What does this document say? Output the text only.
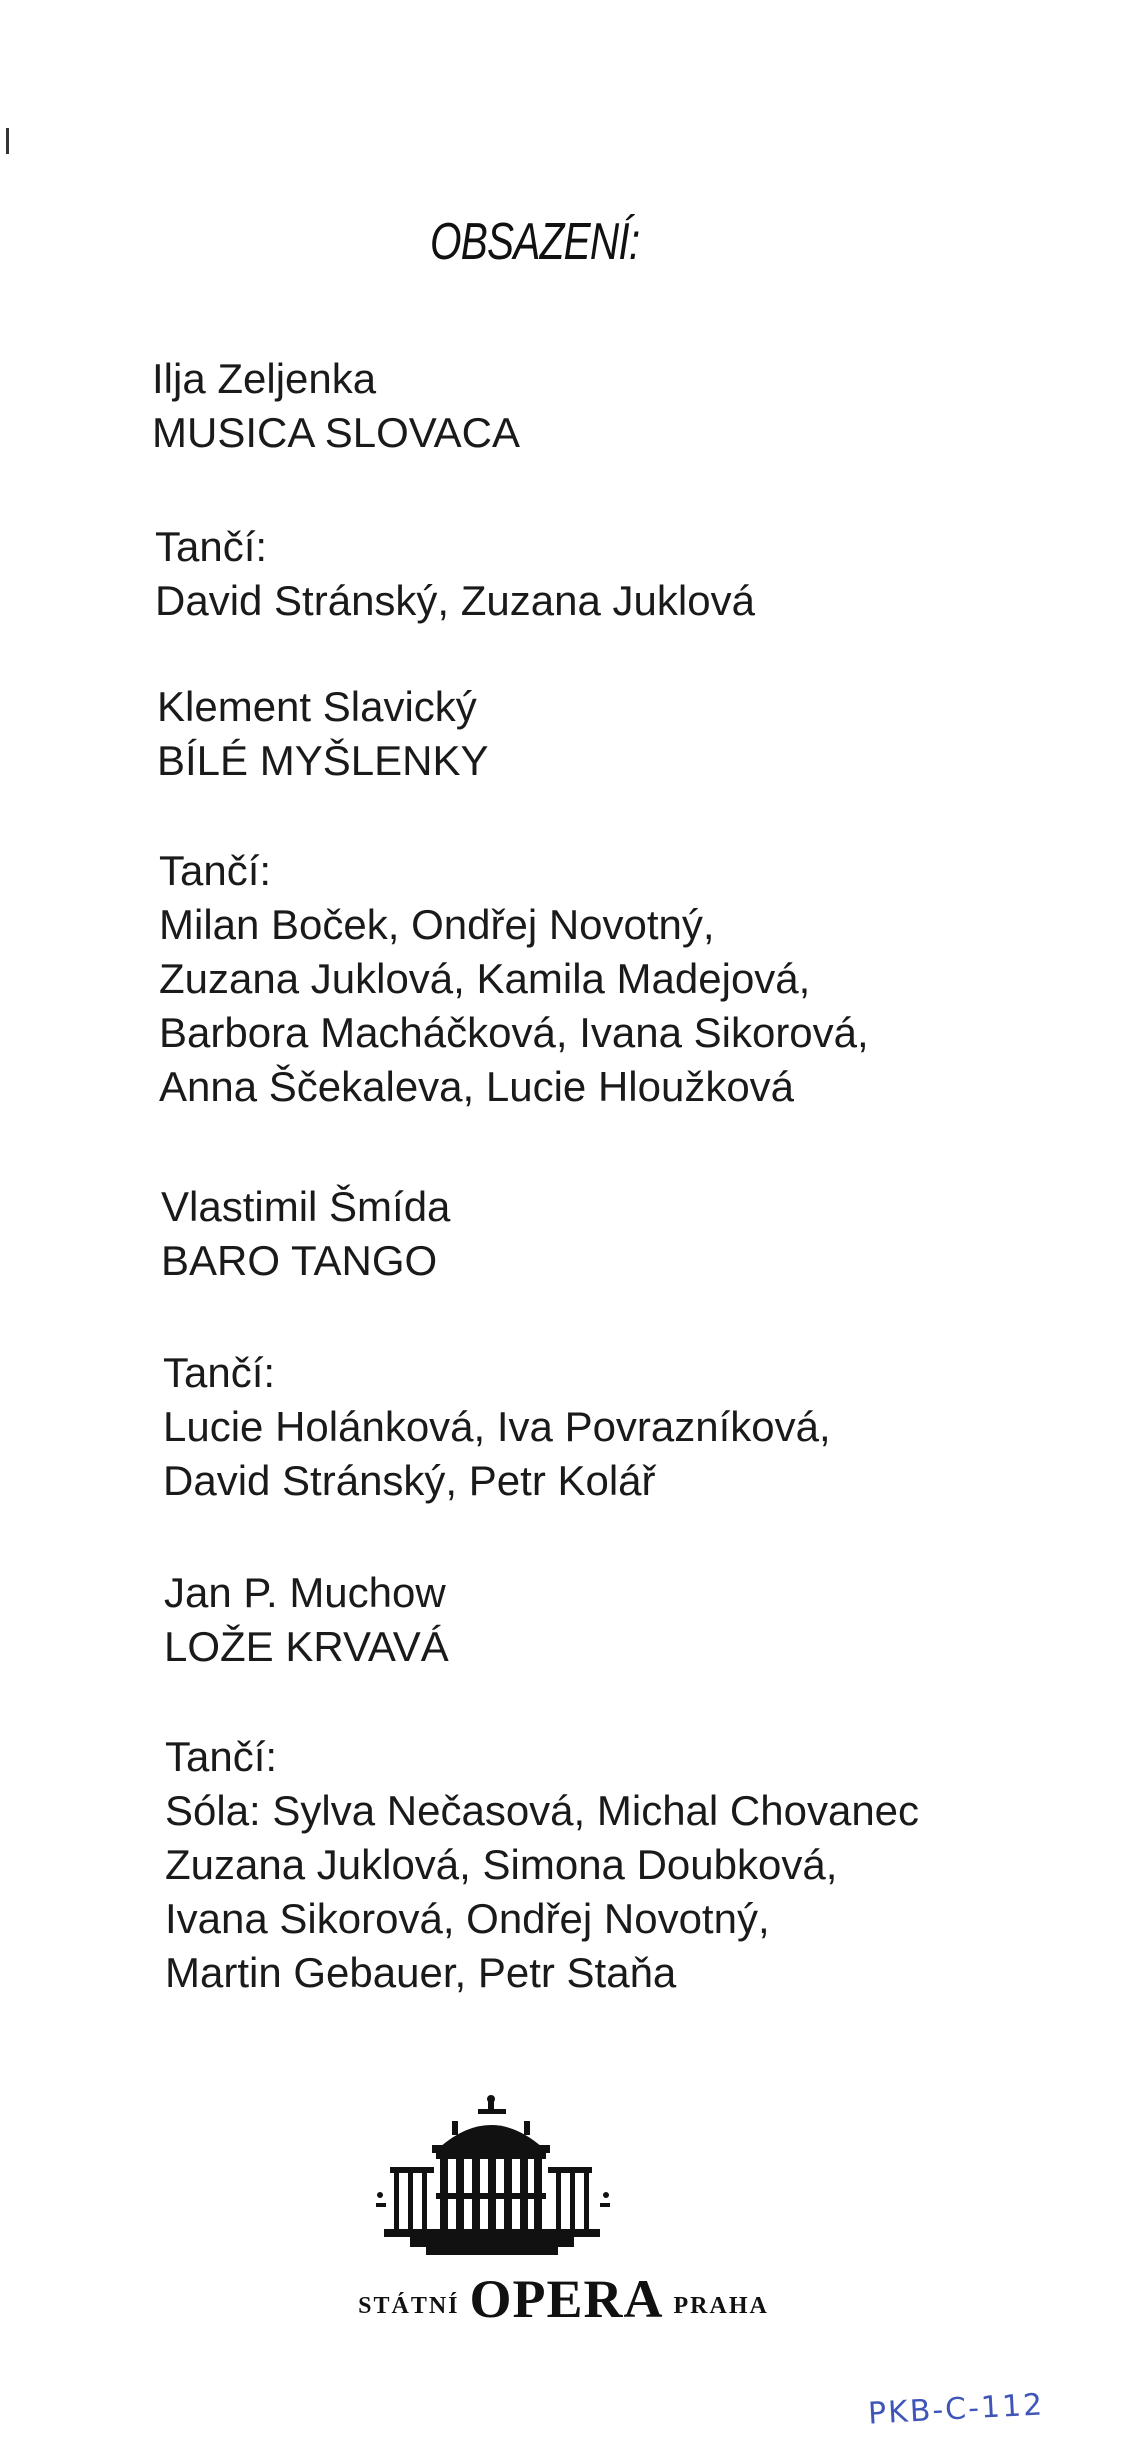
OBSAZENÍ:
Ilja Zeljenka
MUSICA SLOVACA
Tančí:
David Stránský, Zuzana Juklová
Klement Slavický
BÍLÉ MYŠLENKY
Tančí:
Milan Boček, Ondřej Novotný,
Zuzana Juklová, Kamila Madejová,
Barbora Macháčková, Ivana Sikorová,
Anna Ščekaleva, Lucie Hloužková
Vlastimil Šmída
BARO TANGO
Tančí:
Lucie Holánková, Iva Povrazníková,
David Stránský, Petr Kolář
Jan P. Muchow
LOŽE KRVAVÁ
Tančí:
Sóla: Sylva Nečasová, Michal Chovanec
Zuzana Juklová, Simona Doubková,
Ivana Sikorová, Ondřej Novotný,
Martin Gebauer, Petr Staňa
STÁTNÍ OPERA PRAHA
PKB-C-112
